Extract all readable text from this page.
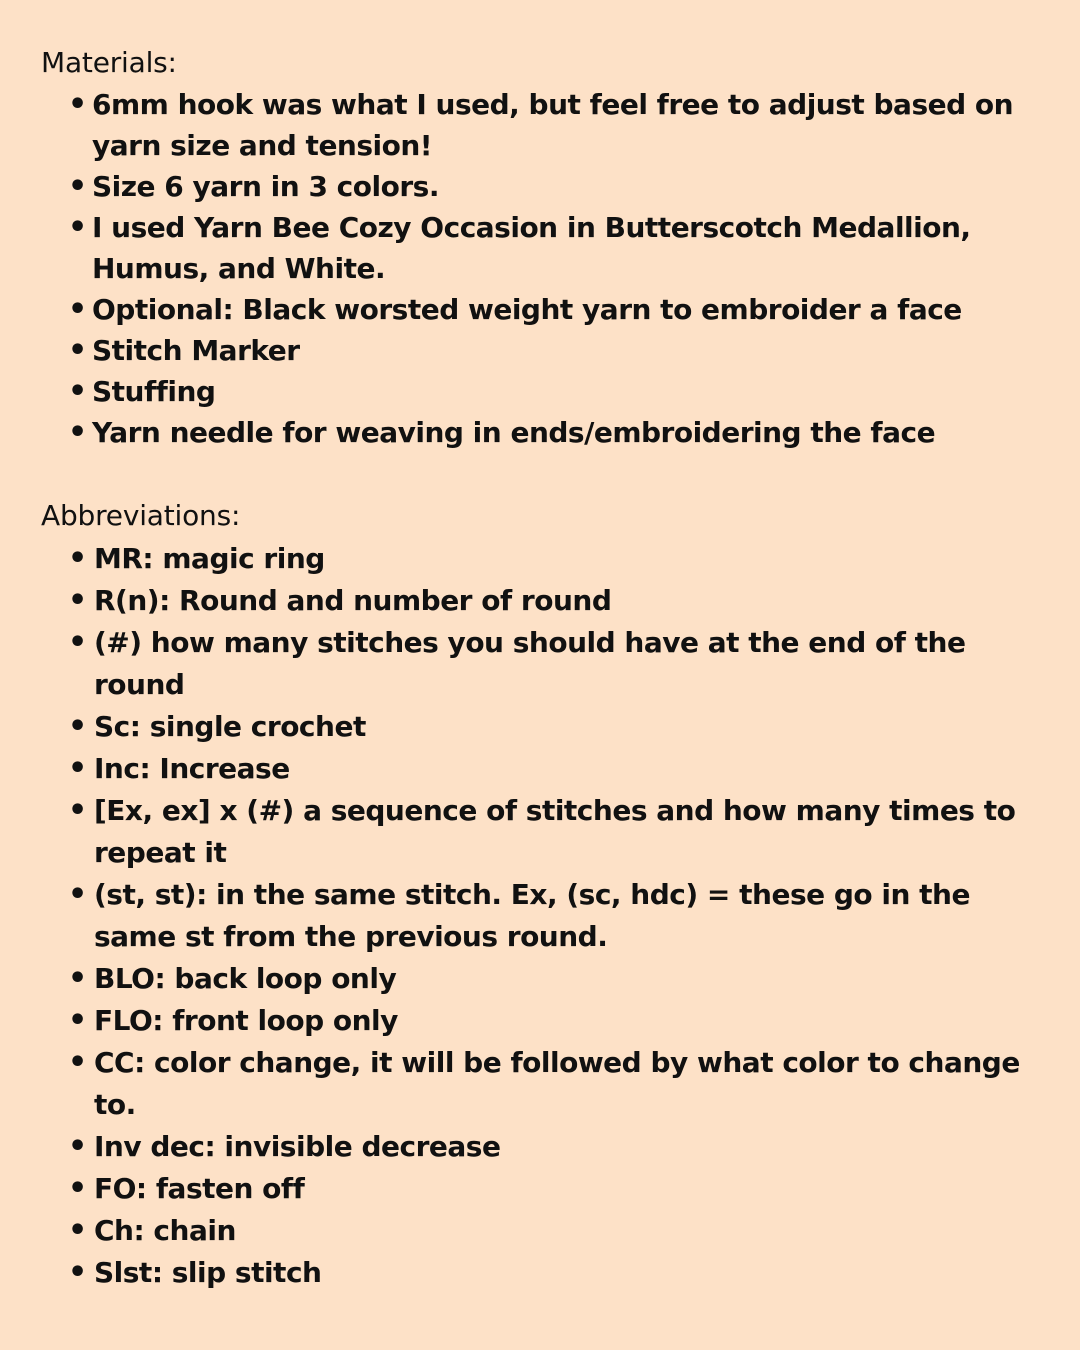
Materials:
• 6mm hook was what I used, but feel free to adjust based on yarn size and tension!
• Size 6 yarn in 3 colors.
• I used Yarn Bee Cozy Occasion in Butterscotch Medallion, Humus, and White.
• Optional: Black worsted weight yarn to embroider a face
• Stitch Marker
• Stuffing
• Yarn needle for weaving in ends/embroidering the face
Abbreviations:
• MR: magic ring
• R(n): Round and number of round
• (#) how many stitches you should have at the end of the round
• Sc: single crochet
• Inc: Increase
• [Ex, ex] x (#) a sequence of stitches and how many times to repeat it
• (st, st): in the same stitch. Ex, (sc, hdc) = these go in the same st from the previous round.
• BLO: back loop only
• FLO: front loop only
• CC: color change, it will be followed by what color to change to.
• Inv dec: invisible decrease
• FO: fasten off
• Ch: chain
• Slst: slip stitch
